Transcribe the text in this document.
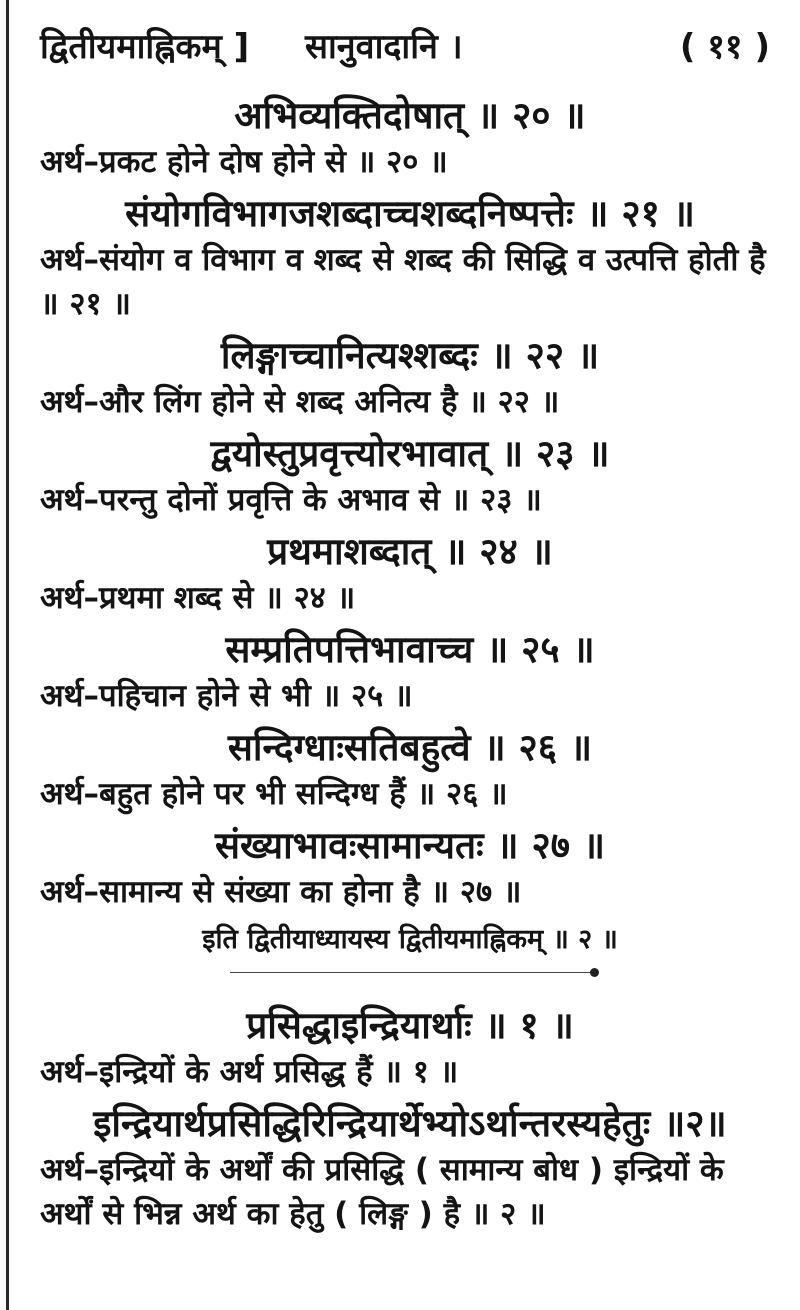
द्वितीयमाह्निकम् ] सानुवादानि ।	( ११ )

अभिव्यक्तिदोषात् ॥ २० ॥

अर्थ–प्रकट होने दोष होने से ॥ २० ॥

संयोगविभागजशब्दाच्चशब्दनिष्पत्तेः ॥ २१ ॥

अर्थ–संयोग व विभाग व शब्द से शब्द की सिद्धि व उत्पत्ति होती है ॥ २१ ॥

लिङ्गाच्चानित्यश्शब्दः ॥ २२ ॥

अर्थ–और लिंग होने से शब्द अनित्य है ॥ २२ ॥

द्वयोस्तुप्रवृत्त्योरभावात् ॥ २३ ॥

अर्थ–परन्तु दोनों प्रवृत्ति के अभाव से ॥ २३ ॥

प्रथमाशब्दात् ॥ २४ ॥

अर्थ–प्रथमा शब्द से ॥ २४ ॥

सम्प्रतिपत्तिभावाच्च ॥ २५ ॥

अर्थ–पहिचान होने से भी ॥ २५ ॥

सन्दिग्धाःसतिबहुत्वे ॥ २६ ॥

अर्थ–बहुत होने पर भी सन्दिग्ध हैं ॥ २६ ॥

संख्याभावःसामान्यतः ॥ २७ ॥

अर्थ–सामान्य से संख्या का होना है ॥ २७ ॥

इति द्वितीयाध्यायस्य द्वितीयमाह्निकम् ॥ २ ॥

प्रसिद्धाइन्द्रियार्थाः ॥ १ ॥

अर्थ–इन्द्रियों के अर्थ प्रसिद्ध हैं ॥ १ ॥

इन्द्रियार्थप्रसिद्धिरिन्द्रियार्थेभ्योऽर्थान्तरस्यहेतुः ॥२॥

अर्थ–इन्द्रियों के अर्थों की प्रसिद्धि ( सामान्य बोध ) इन्द्रियों के अर्थों से भिन्न अर्थ का हेतु ( लिङ्ग ) है ॥ २ ॥
